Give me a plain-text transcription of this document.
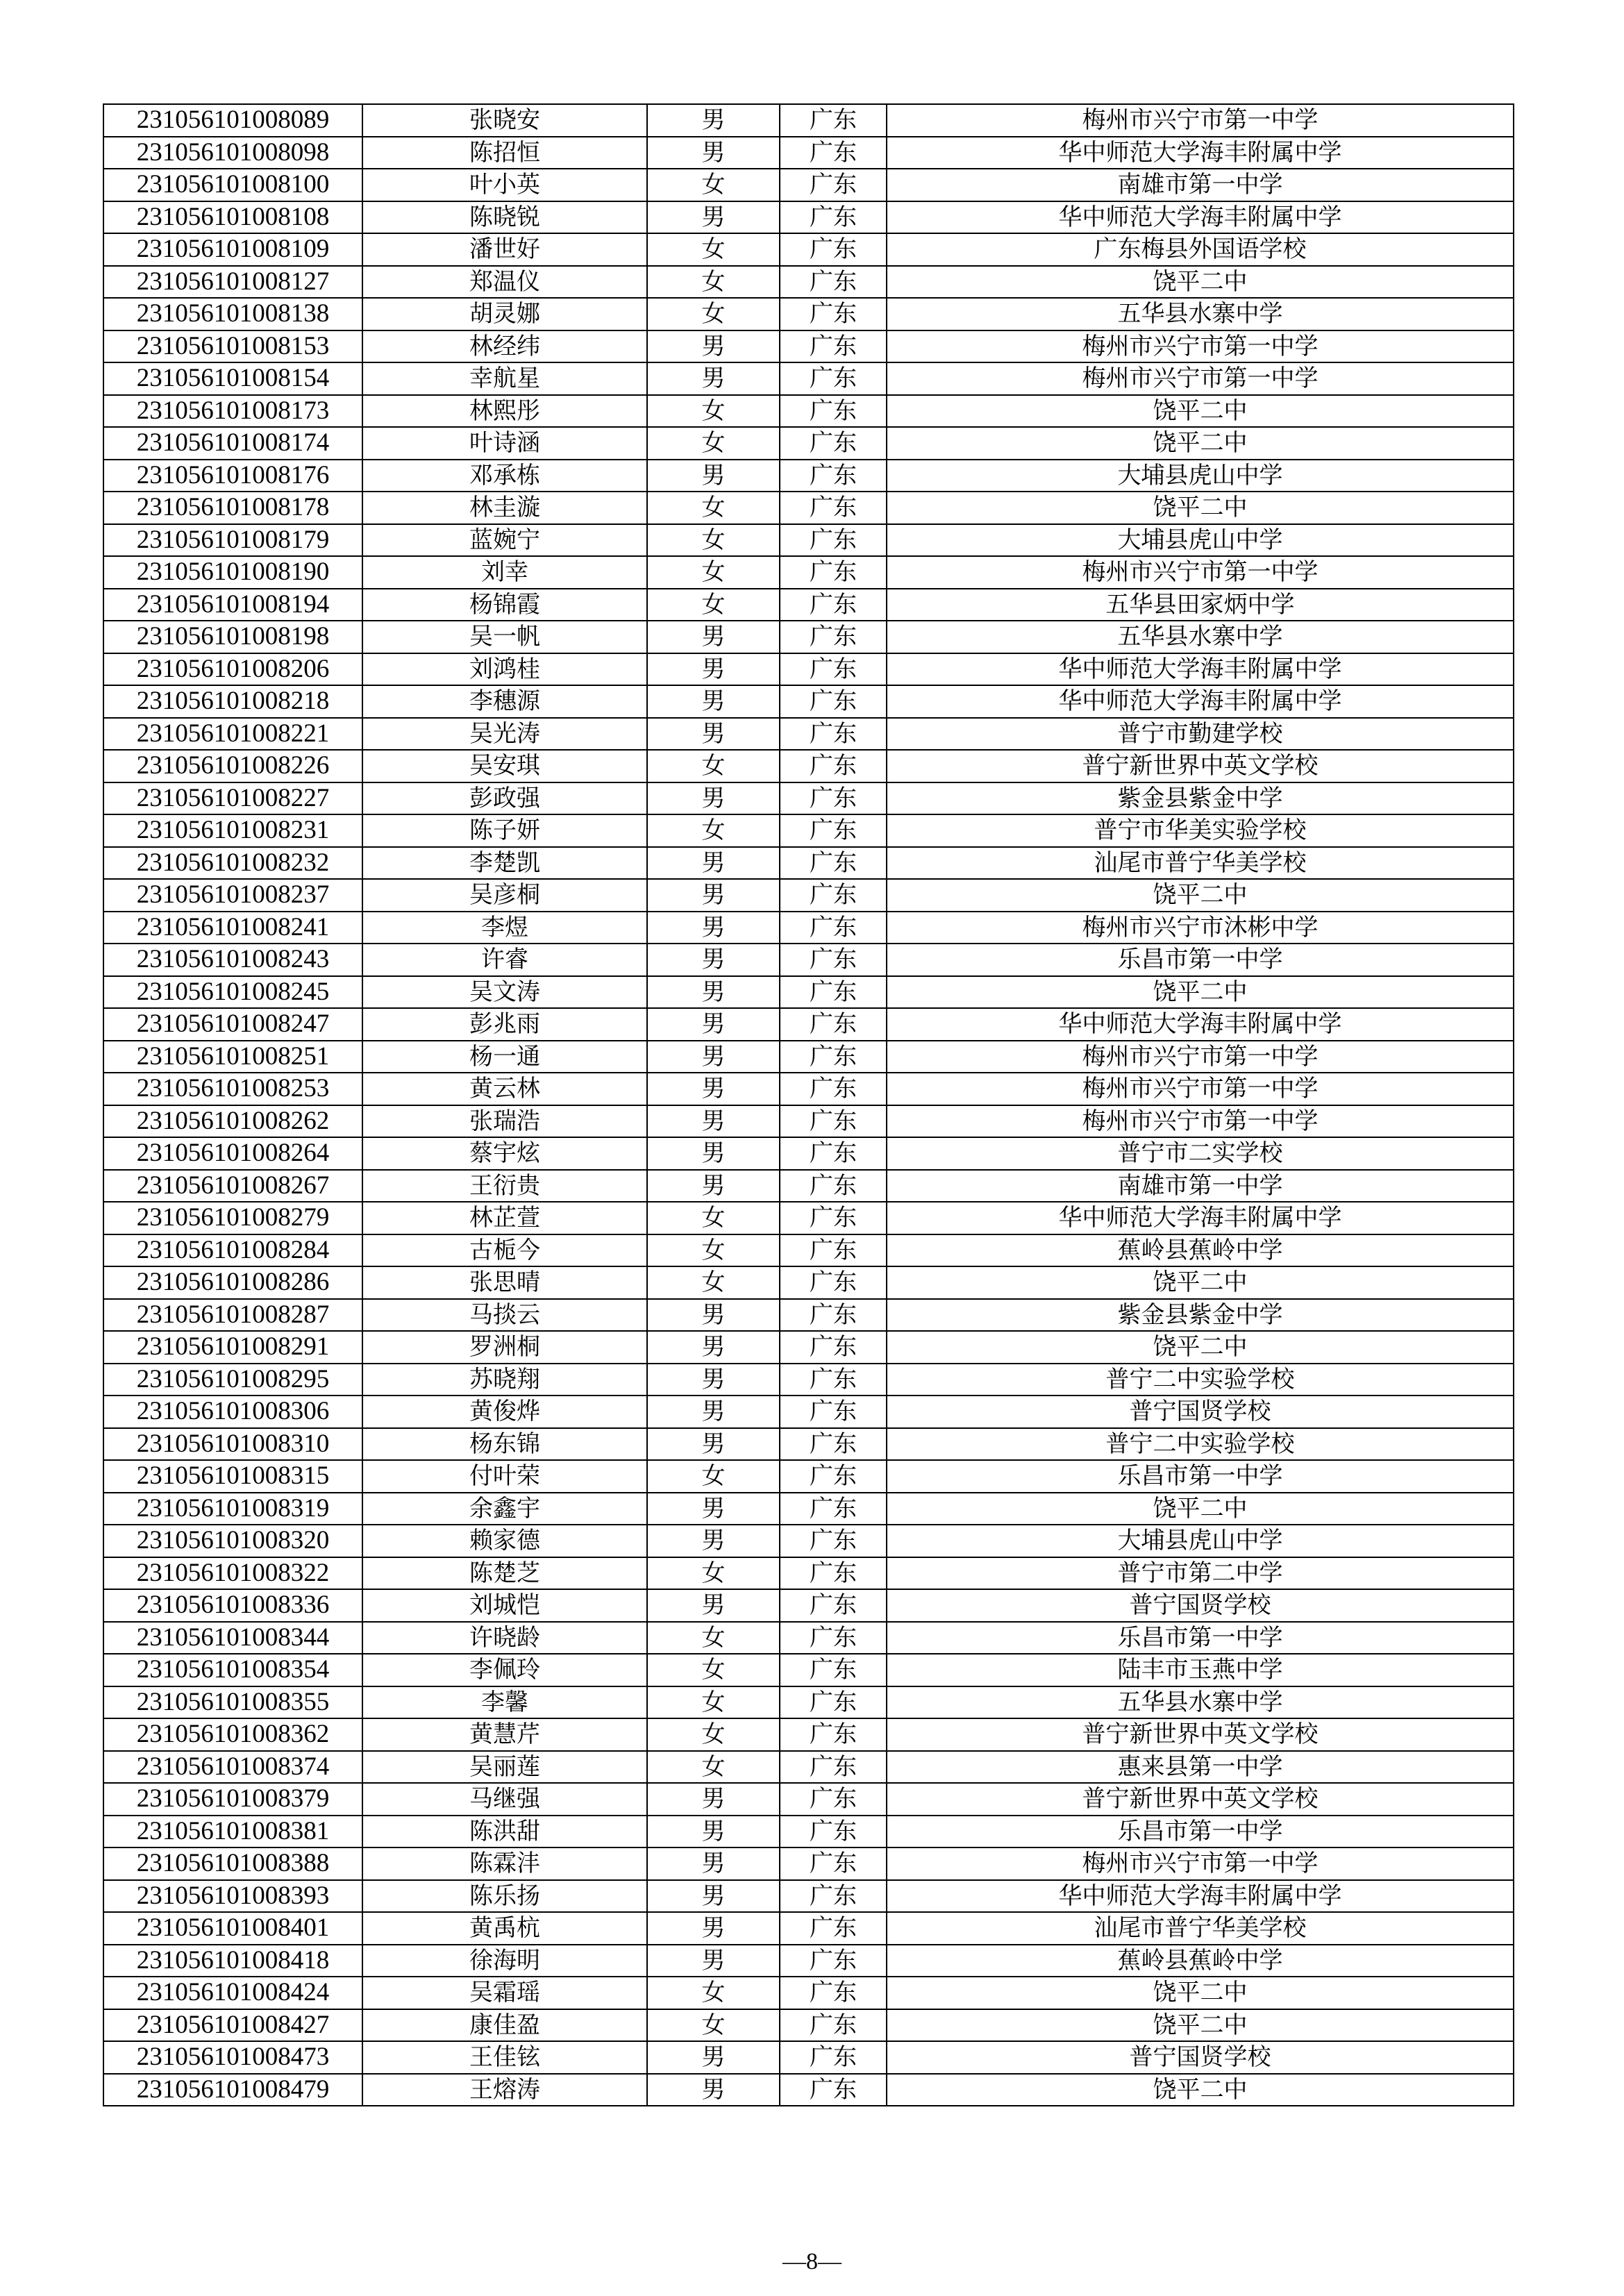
231056101008089	张晓安	男	广东	梅州市兴宁市第一中学
231056101008098	陈招恒	男	广东	华中师范大学海丰附属中学
231056101008100	叶小英	女	广东	南雄市第一中学
231056101008108	陈晓锐	男	广东	华中师范大学海丰附属中学
231056101008109	潘世好	女	广东	广东梅县外国语学校
231056101008127	郑温仪	女	广东	饶平二中
231056101008138	胡灵娜	女	广东	五华县水寨中学
231056101008153	林经纬	男	广东	梅州市兴宁市第一中学
231056101008154	幸航星	男	广东	梅州市兴宁市第一中学
231056101008173	林熙彤	女	广东	饶平二中
231056101008174	叶诗涵	女	广东	饶平二中
231056101008176	邓承栋	男	广东	大埔县虎山中学
231056101008178	林圭漩	女	广东	饶平二中
231056101008179	蓝婉宁	女	广东	大埔县虎山中学
231056101008190	刘幸	女	广东	梅州市兴宁市第一中学
231056101008194	杨锦霞	女	广东	五华县田家炳中学
231056101008198	吴一帆	男	广东	五华县水寨中学
231056101008206	刘鸿桂	男	广东	华中师范大学海丰附属中学
231056101008218	李穗源	男	广东	华中师范大学海丰附属中学
231056101008221	吴光涛	男	广东	普宁市勤建学校
231056101008226	吴安琪	女	广东	普宁新世界中英文学校
231056101008227	彭政强	男	广东	紫金县紫金中学
231056101008231	陈子妍	女	广东	普宁市华美实验学校
231056101008232	李楚凯	男	广东	汕尾市普宁华美学校
231056101008237	吴彦桐	男	广东	饶平二中
231056101008241	李煜	男	广东	梅州市兴宁市沐彬中学
231056101008243	许睿	男	广东	乐昌市第一中学
231056101008245	吴文涛	男	广东	饶平二中
231056101008247	彭兆雨	男	广东	华中师范大学海丰附属中学
231056101008251	杨一通	男	广东	梅州市兴宁市第一中学
231056101008253	黄云林	男	广东	梅州市兴宁市第一中学
231056101008262	张瑞浩	男	广东	梅州市兴宁市第一中学
231056101008264	蔡宇炫	男	广东	普宁市二实学校
231056101008267	王衍贵	男	广东	南雄市第一中学
231056101008279	林芷萱	女	广东	华中师范大学海丰附属中学
231056101008284	古栀今	女	广东	蕉岭县蕉岭中学
231056101008286	张思晴	女	广东	饶平二中
231056101008287	马掞云	男	广东	紫金县紫金中学
231056101008291	罗洲桐	男	广东	饶平二中
231056101008295	苏晓翔	男	广东	普宁二中实验学校
231056101008306	黄俊烨	男	广东	普宁国贤学校
231056101008310	杨东锦	男	广东	普宁二中实验学校
231056101008315	付叶荣	女	广东	乐昌市第一中学
231056101008319	余鑫宇	男	广东	饶平二中
231056101008320	赖家德	男	广东	大埔县虎山中学
231056101008322	陈楚芝	女	广东	普宁市第二中学
231056101008336	刘城恺	男	广东	普宁国贤学校
231056101008344	许晓龄	女	广东	乐昌市第一中学
231056101008354	李佩玲	女	广东	陆丰市玉燕中学
231056101008355	李馨	女	广东	五华县水寨中学
231056101008362	黄慧芹	女	广东	普宁新世界中英文学校
231056101008374	吴丽莲	女	广东	惠来县第一中学
231056101008379	马继强	男	广东	普宁新世界中英文学校
231056101008381	陈洪甜	男	广东	乐昌市第一中学
231056101008388	陈霖沣	男	广东	梅州市兴宁市第一中学
231056101008393	陈乐扬	男	广东	华中师范大学海丰附属中学
231056101008401	黄禹杭	男	广东	汕尾市普宁华美学校
231056101008418	徐海明	男	广东	蕉岭县蕉岭中学
231056101008424	吴霜瑶	女	广东	饶平二中
231056101008427	康佳盈	女	广东	饶平二中
231056101008473	王佳铉	男	广东	普宁国贤学校
231056101008479	王熔涛	男	广东	饶平二中
—8—
